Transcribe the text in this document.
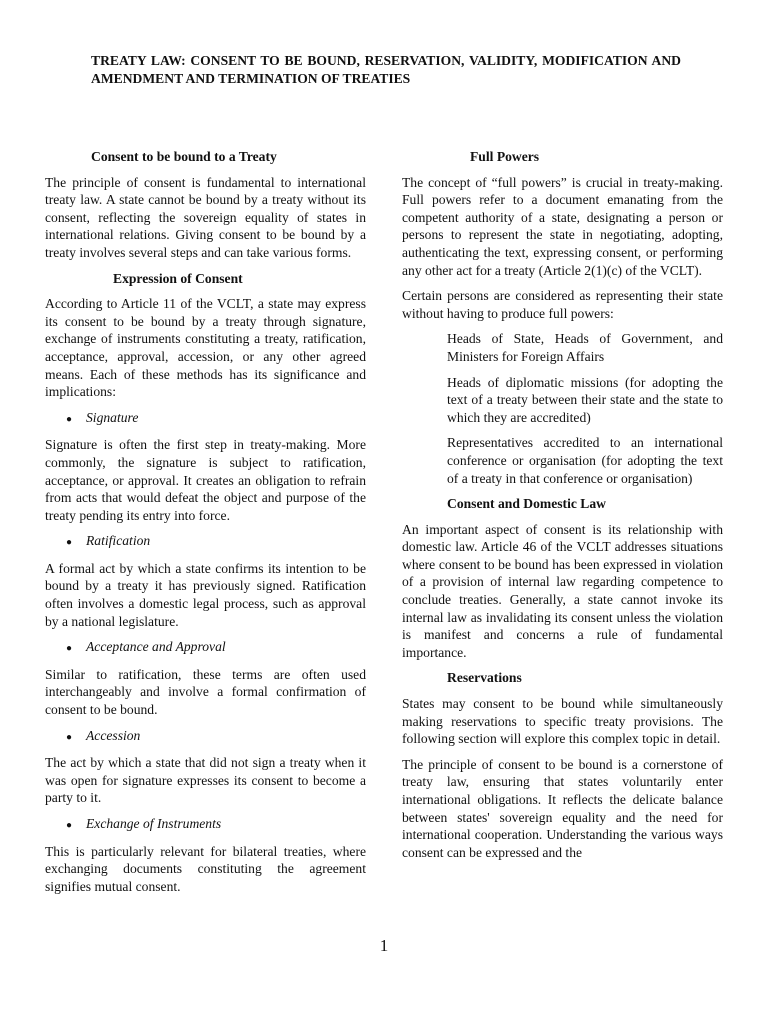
TREATY LAW: CONSENT TO BE BOUND, RESERVATION, VALIDITY, MODIFICATION AND AMENDMENT AND TERMINATION OF TREATIES
Consent to be bound to a Treaty

The principle of consent is fundamental to international treaty law. A state cannot be bound by a treaty without its consent, reflecting the sovereign equality of states in international relations. Giving consent to be bound by a treaty involves several steps and can take various forms.

Expression of Consent

According to Article 11 of the VCLT, a state may express its consent to be bound by a treaty through signature, exchange of instruments constituting a treaty, ratification, acceptance, approval, accession, or any other agreed means. Each of these methods has its significance and implications:

●	Signature

Signature is often the first step in treaty-making. More commonly, the signature is subject to ratification, acceptance, or approval. It creates an obligation to refrain from acts that would defeat the object and purpose of the treaty pending its entry into force.

●	Ratification

A formal act by which a state confirms its intention to be bound by a treaty it has previously signed. Ratification often involves a domestic legal process, such as approval by a national legislature.

●	Acceptance and Approval

Similar to ratification, these terms are often used interchangeably and involve a formal confirmation of consent to be bound.

●	Accession

The act by which a state that did not sign a treaty when it was open for signature expresses its consent to become a party to it.

●	Exchange of Instruments

This is particularly relevant for bilateral treaties, where exchanging documents constituting the agreement signifies mutual consent.

Full Powers

The concept of “full powers” is crucial in treaty-making. Full powers refer to a document emanating from the competent authority of a state, designating a person or persons to represent the state in negotiating, adopting, authenticating the text, expressing consent, or performing any other act for a treaty (Article 2(1)(c) of the VCLT).

Certain persons are considered as representing their state without having to produce full powers:

Heads of State, Heads of Government, and Ministers for Foreign Affairs

Heads of diplomatic missions (for adopting the text of a treaty between their state and the state to which they are accredited)

Representatives accredited to an international conference or organisation (for adopting the text of a treaty in that conference or organisation)

Consent and Domestic Law

An important aspect of consent is its relationship with domestic law. Article 46 of the VCLT addresses situations where consent to be bound has been expressed in violation of a provision of internal law regarding competence to conclude treaties. Generally, a state cannot invoke its internal law as invalidating its consent unless the violation is manifest and concerns a rule of fundamental importance.

Reservations

States may consent to be bound while simultaneously making reservations to specific treaty provisions. The following section will explore this complex topic in detail.

The principle of consent to be bound is a cornerstone of treaty law, ensuring that states voluntarily enter international obligations. It reflects the delicate balance between states' sovereign equality and the need for international cooperation. Understanding the various ways consent can be expressed and the

1
